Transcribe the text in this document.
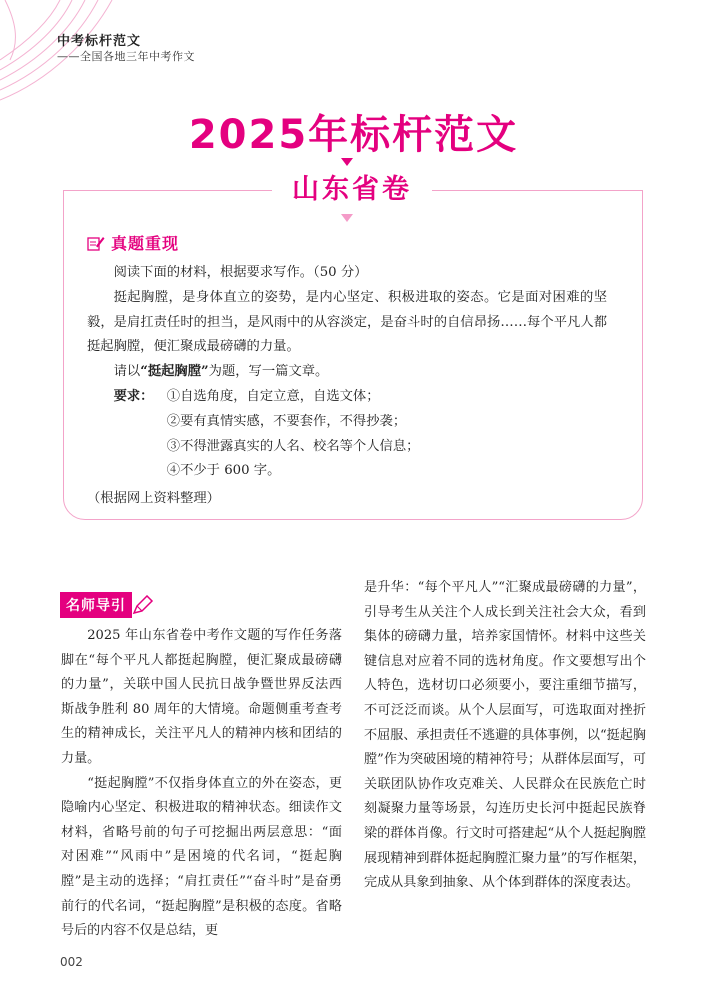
中考标杆范文
——全国各地三年中考作文
2025年标杆范文
山东省卷
真题重现

阅读下面的材料，根据要求写作。（50 分）

挺起胸膛，是身体直立的姿势，是内心坚定、积极进取的姿态。它是面对困难的坚毅，是肩扛责任时的担当，是风雨中的从容淡定，是奋斗时的自信昂扬……每个平凡人都挺起胸膛，便汇聚成最磅礴的力量。

请以“挺起胸膛”为题，写一篇文章。

要求： ①自选角度，自定立意，自选文体；
②要有真情实感，不要套作，不得抄袭；
③不得泄露真实的人名、校名等个人信息；
④不少于 600 字。

（根据网上资料整理）

名师导引

2025 年山东省卷中考作文题的写作任务落脚在“每个平凡人都挺起胸膛，便汇聚成最磅礴的力量”，关联中国人民抗日战争暨世界反法西斯战争胜利 80 周年的大情境。命题侧重考查考生的精神成长，关注平凡人的精神内核和团结的力量。

“挺起胸膛”不仅指身体直立的外在姿态，更隐喻内心坚定、积极进取的精神状态。细读作文材料，省略号前的句子可挖掘出两层意思：“面对困难”“风雨中”是困境的代名词，“挺起胸膛”是主动的选择；“肩扛责任”“奋斗时”是奋勇前行的代名词，“挺起胸膛”是积极的态度。省略号后的内容不仅是总结，更

是升华：“每个平凡人”“汇聚成最磅礴的力量”，引导考生从关注个人成长到关注社会大众，看到集体的磅礴力量，培养家国情怀。材料中这些关键信息对应着不同的选材角度。作文要想写出个人特色，选材切口必须要小，要注重细节描写，不可泛泛而谈。从个人层面写，可选取面对挫折不屈服、承担责任不逃避的具体事例，以“挺起胸膛”作为突破困境的精神符号；从群体层面写，可关联团队协作攻克难关、人民群众在民族危亡时刻凝聚力量等场景，勾连历史长河中挺起民族脊梁的群体肖像。行文时可搭建起“从个人挺起胸膛展现精神到群体挺起胸膛汇聚力量”的写作框架，完成从具象到抽象、从个体到群体的深度表达。

002
